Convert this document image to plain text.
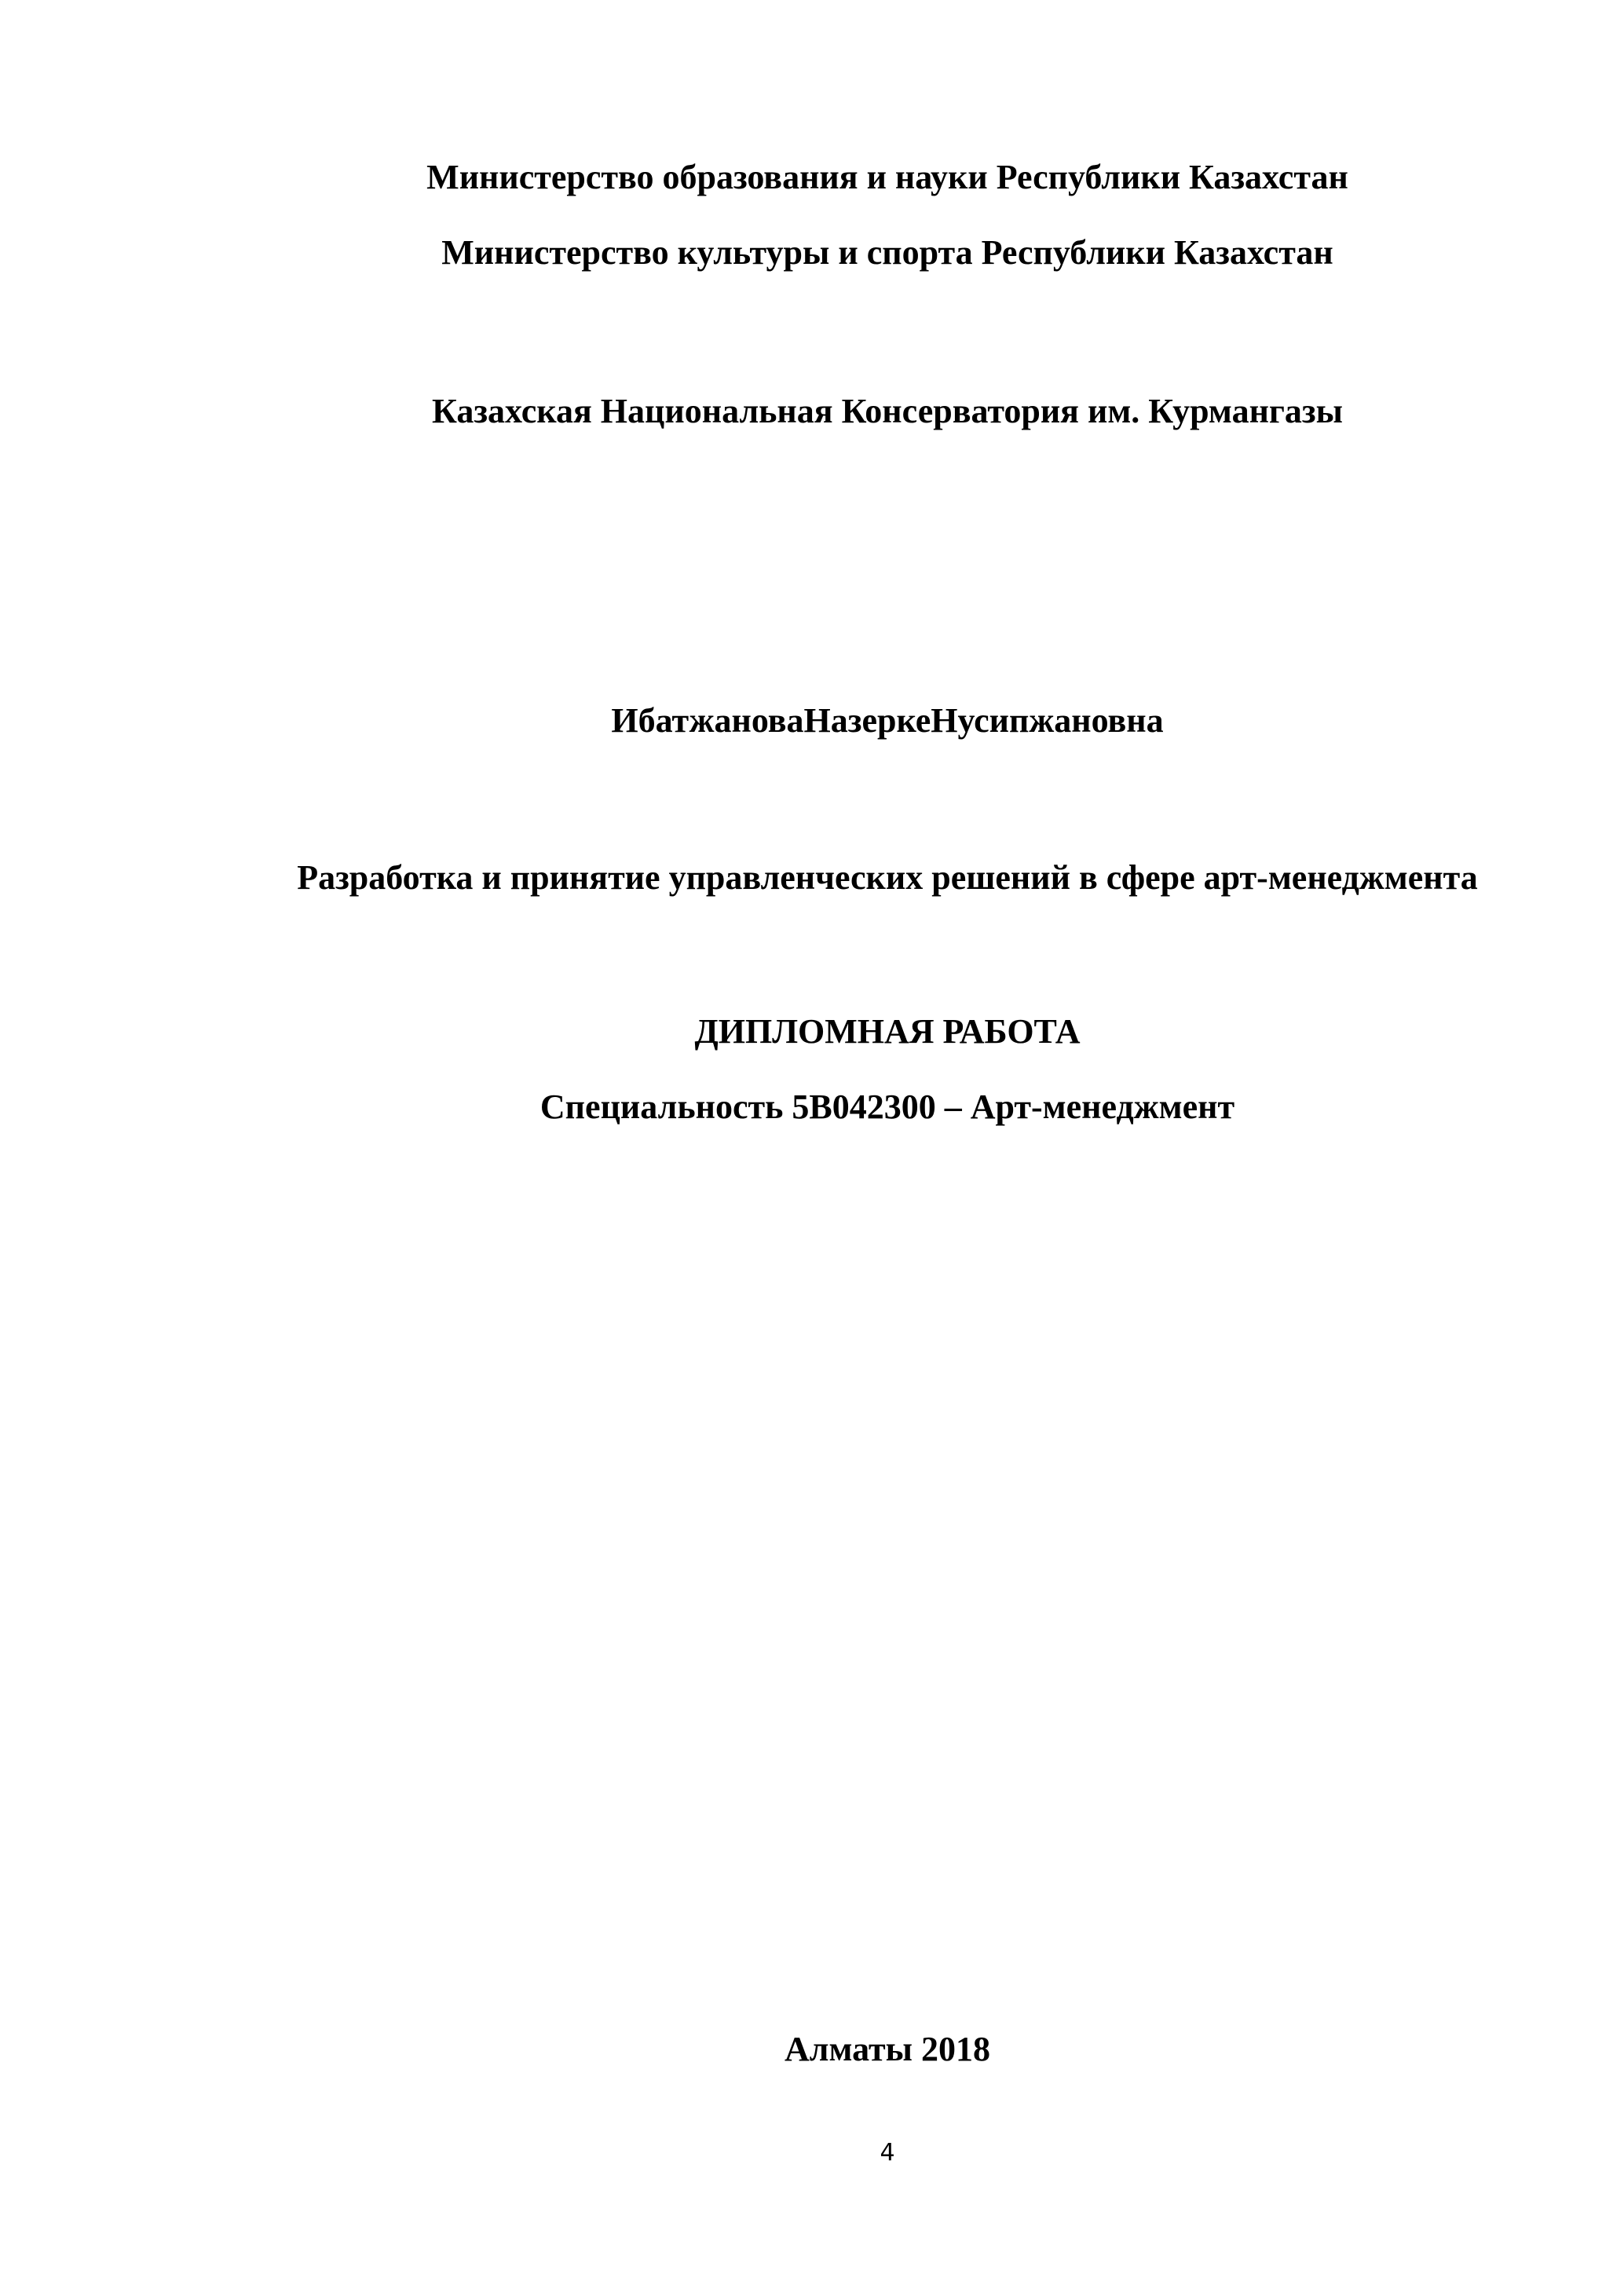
Министерство образования и науки Республики Казахстан

Министерство культуры и спорта Республики Казахстан

Казахская Национальная Консерватория им. Курмангазы

ИбатжановаНазеркеНусипжановна

Разработка и принятие управленческих решений в сфере арт-менеджмента

ДИПЛОМНАЯ РАБОТА

Специальность 5В042300 – Арт-менеджмент

Алматы 2018

4
